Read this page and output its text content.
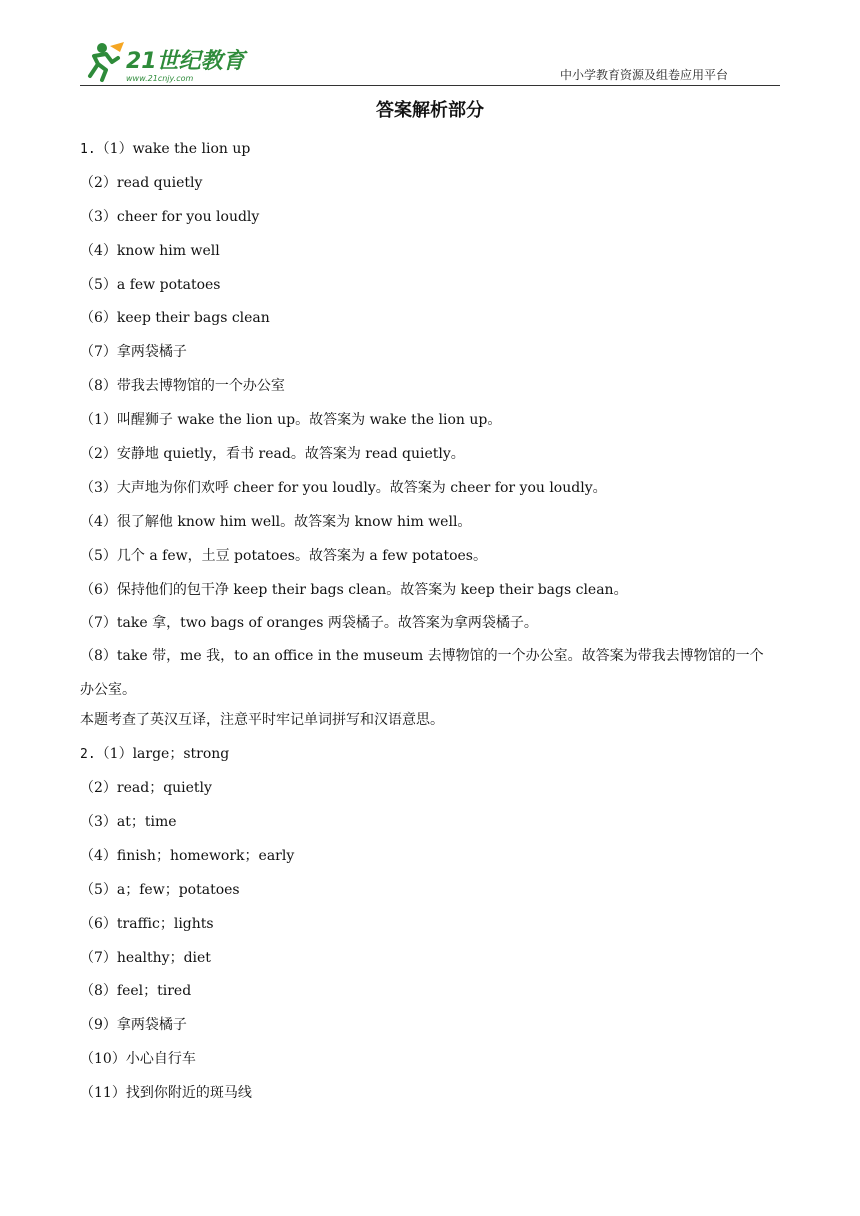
21世纪教育
www.21cnjy.com	中小学教育资源及组卷应用平台
答案解析部分
1.（1）wake the lion up
（2）read quietly
（3）cheer for you loudly
（4）know him well
（5）a few potatoes
（6）keep their bags clean
（7）拿两袋橘子
（8）带我去博物馆的一个办公室
（1）叫醒狮子 wake the lion up。故答案为 wake the lion up。
（2）安静地 quietly，看书 read。故答案为 read quietly。
（3）大声地为你们欢呼 cheer for you loudly。故答案为 cheer for you loudly。
（4）很了解他 know him well。故答案为 know him well。
（5）几个 a few，土豆 potatoes。故答案为 a few potatoes。
（6）保持他们的包干净 keep their bags clean。故答案为 keep their bags clean。
（7）take 拿，two bags of oranges 两袋橘子。故答案为拿两袋橘子。
（8）take 带，me 我，to an office in the museum 去博物馆的一个办公室。故答案为带我去博物馆的一个办公室。
本题考查了英汉互译，注意平时牢记单词拼写和汉语意思。
2.（1）large；strong
（2）read；quietly
（3）at；time
（4）finish；homework；early
（5）a；few；potatoes
（6）traffic；lights
（7）healthy；diet
（8）feel；tired
（9）拿两袋橘子
（10）小心自行车
（11）找到你附近的斑马线
